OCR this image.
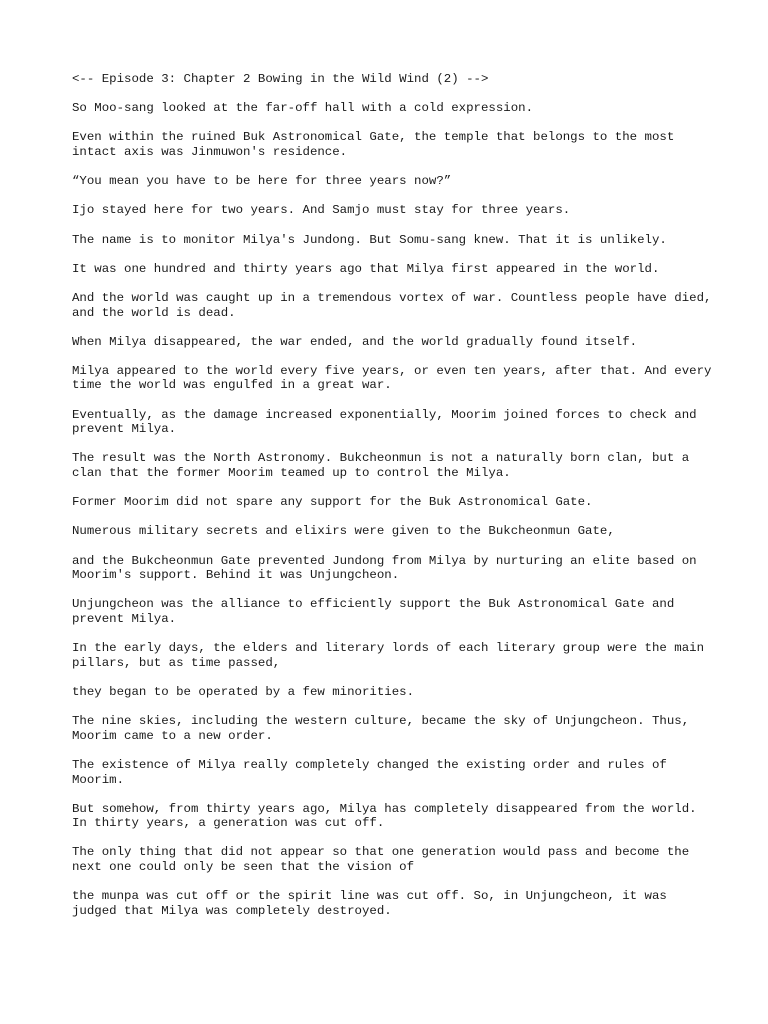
<-- Episode 3: Chapter 2 Bowing in the Wild Wind (2) -->

So Moo-sang looked at the far-off hall with a cold expression.

Even within the ruined Buk Astronomical Gate, the temple that belongs to the most intact axis was Jinmuwon's residence.

“You mean you have to be here for three years now?”

Ijo stayed here for two years. And Samjo must stay for three years.

The name is to monitor Milya's Jundong. But Somu-sang knew. That it is unlikely.

It was one hundred and thirty years ago that Milya first appeared in the world.

And the world was caught up in a tremendous vortex of war. Countless people have died, and the world is dead.

When Milya disappeared, the war ended, and the world gradually found itself.

Milya appeared to the world every five years, or even ten years, after that. And every time the world was engulfed in a great war.

Eventually, as the damage increased exponentially, Moorim joined forces to check and prevent Milya.

The result was the North Astronomy. Bukcheonmun is not a naturally born clan, but a clan that the former Moorim teamed up to control the Milya.

Former Moorim did not spare any support for the Buk Astronomical Gate.

Numerous military secrets and elixirs were given to the Bukcheonmun Gate,

and the Bukcheonmun Gate prevented Jundong from Milya by nurturing an elite based on Moorim's support. Behind it was Unjungcheon.

Unjungcheon was the alliance to efficiently support the Buk Astronomical Gate and prevent Milya.

In the early days, the elders and literary lords of each literary group were the main pillars, but as time passed,

they began to be operated by a few minorities.

The nine skies, including the western culture, became the sky of Unjungcheon. Thus, Moorim came to a new order.

The existence of Milya really completely changed the existing order and rules of Moorim.

But somehow, from thirty years ago, Milya has completely disappeared from the world. In thirty years, a generation was cut off.

The only thing that did not appear so that one generation would pass and become the next one could only be seen that the vision of

the munpa was cut off or the spirit line was cut off. So, in Unjungcheon, it was judged that Milya was completely destroyed.
